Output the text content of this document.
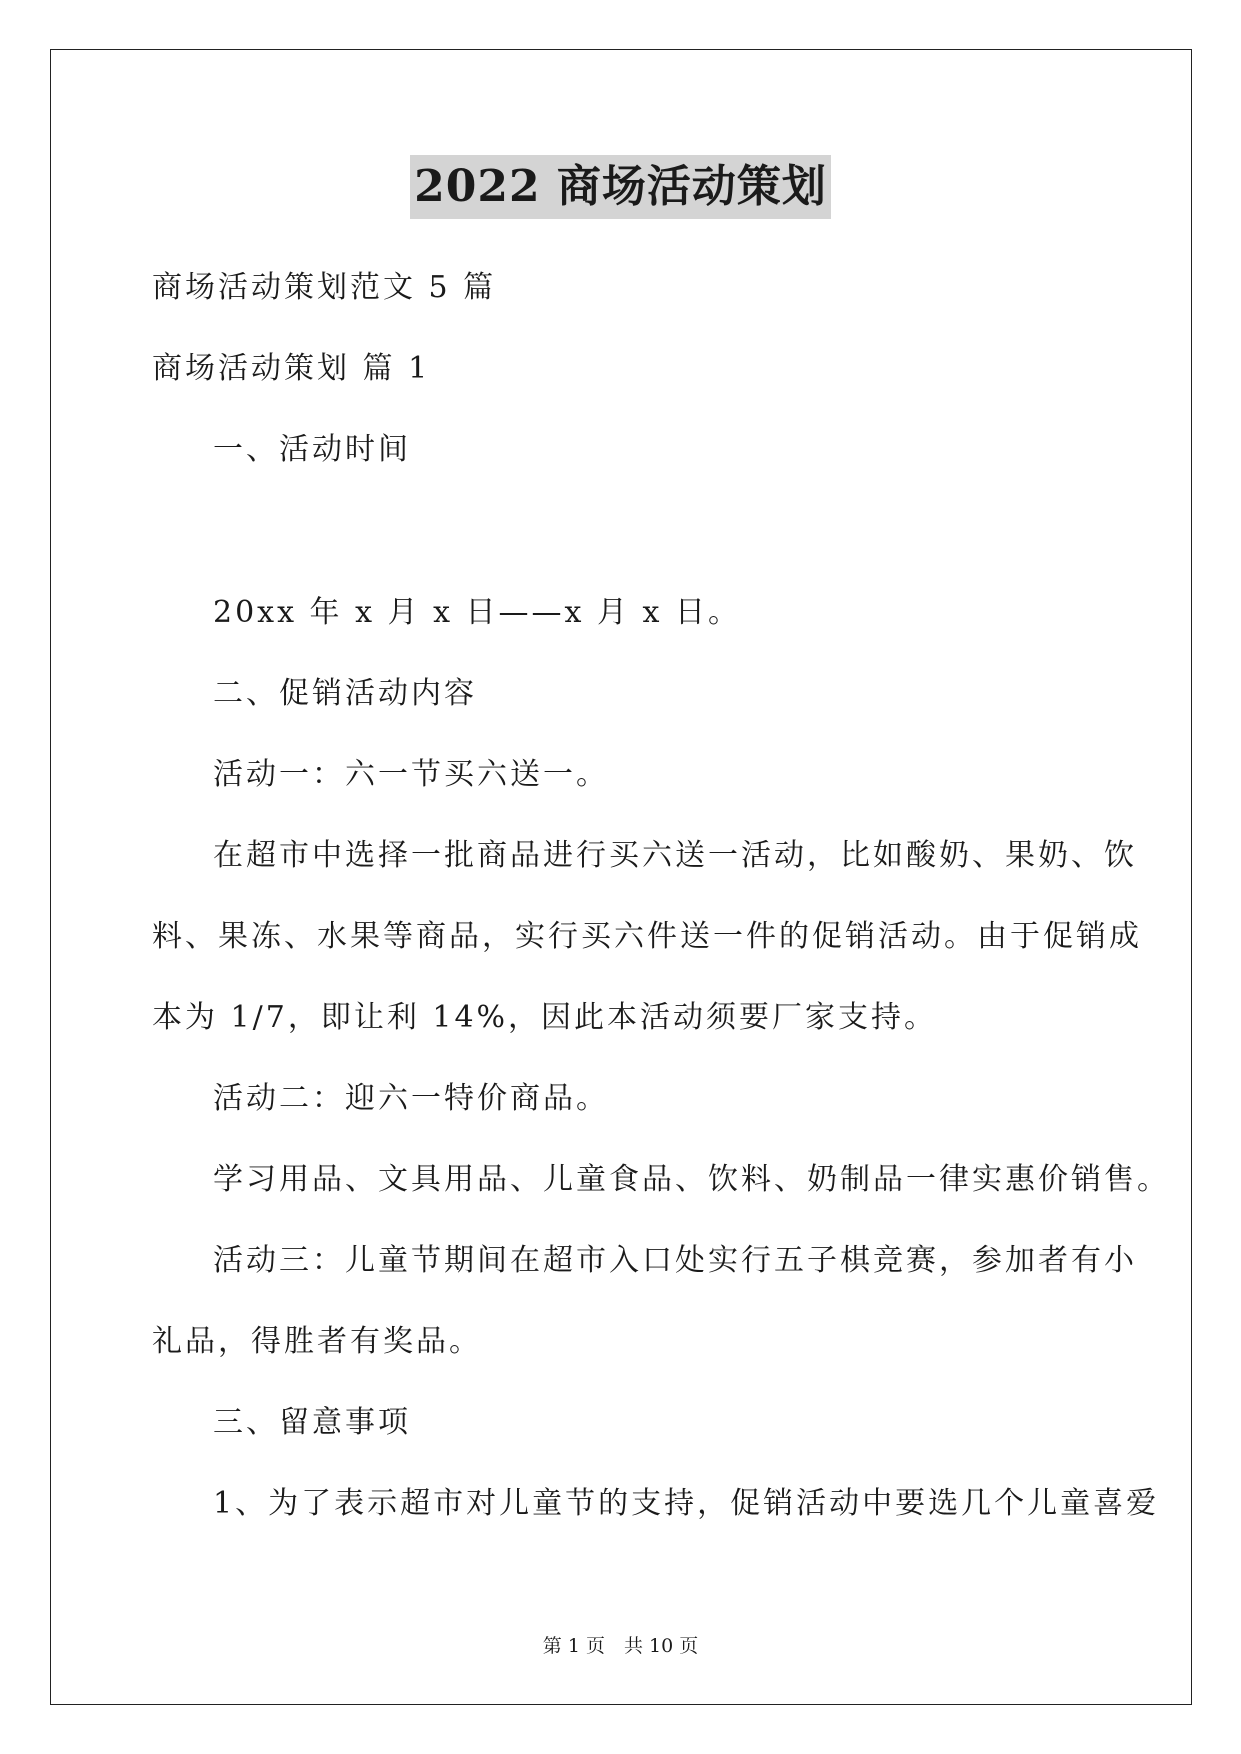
2022 商场活动策划
商场活动策划范文 5 篇
商场活动策划 篇 1
一、活动时间
20xx 年 x 月 x 日——x 月 x 日。
二、促销活动内容
活动一：六一节买六送一。
在超市中选择一批商品进行买六送一活动，比如酸奶、果奶、饮
料、果冻、水果等商品，实行买六件送一件的促销活动。由于促销成
本为 1/7，即让利 14%，因此本活动须要厂家支持。
活动二：迎六一特价商品。
学习用品、文具用品、儿童食品、饮料、奶制品一律实惠价销售。
活动三：儿童节期间在超市入口处实行五子棋竞赛，参加者有小
礼品，得胜者有奖品。
三、留意事项
1、为了表示超市对儿童节的支持，促销活动中要选几个儿童喜爱
第 1 页　共 10 页
